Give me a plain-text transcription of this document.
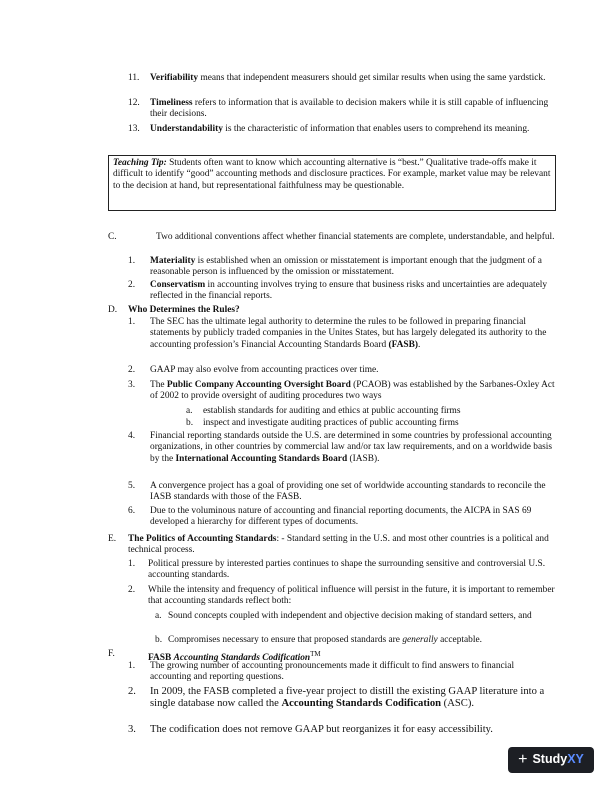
11.	Verifiability means that independent measurers should get similar results when using the same yardstick.
12.	Timeliness refers to information that is available to decision makers while it is still capable of influencing their decisions.
13.	Understandability is the characteristic of information that enables users to comprehend its meaning.
Teaching Tip: Students often want to know which accounting alternative is “best.” Qualitative trade-offs make it difficult to identify “good” accounting methods and disclosure practices. For example, market value may be relevant to the decision at hand, but representational faithfulness may be questionable.
C.	Two additional conventions affect whether financial statements are complete, understandable, and helpful.
1.	Materiality is established when an omission or misstatement is important enough that the judgment of a reasonable person is influenced by the omission or misstatement.
2.	Conservatism in accounting involves trying to ensure that business risks and uncertainties are adequately reflected in the financial reports.
D.	Who Determines the Rules?
1.	The SEC has the ultimate legal authority to determine the rules to be followed in preparing financial statements by publicly traded companies in the Unites States, but has largely delegated its authority to the accounting profession’s Financial Accounting Standards Board (FASB).
2.	GAAP may also evolve from accounting practices over time.
3.	The Public Company Accounting Oversight Board (PCAOB) was established by the Sarbanes-Oxley Act of 2002 to provide oversight of auditing procedures two ways
a.	establish standards for auditing and ethics at public accounting firms
b.	inspect and investigate auditing practices of public accounting firms
4.	Financial reporting standards outside the U.S. are determined in some countries by professional accounting organizations, in other countries by commercial law and/or tax law requirements, and on a worldwide basis by the International Accounting Standards Board (IASB).
5.	A convergence project has a goal of providing one set of worldwide accounting standards to reconcile the IASB standards with those of the FASB.
6.	Due to the voluminous nature of accounting and financial reporting documents, the AICPA in SAS 69 developed a hierarchy for different types of documents.
E.	The Politics of Accounting Standards: - Standard setting in the U.S. and most other countries is a political and technical process.
1.	Political pressure by interested parties continues to shape the surrounding sensitive and controversial U.S. accounting standards.
2.	While the intensity and frequency of political influence will persist in the future, it is important to remember that accounting standards reflect both:
a. Sound concepts coupled with independent and objective decision making of standard setters, and
b. Compromises necessary to ensure that proposed standards are generally acceptable.
F.	FASB Accounting Standards Codification™
1.	The growing number of accounting pronouncements made it difficult to find answers to financial accounting and reporting questions.
2.	In 2009, the FASB completed a five-year project to distill the existing GAAP literature into a single database now called the Accounting Standards Codification (ASC).
3.	The codification does not remove GAAP but reorganizes it for easy accessibility.
+ Study XY
